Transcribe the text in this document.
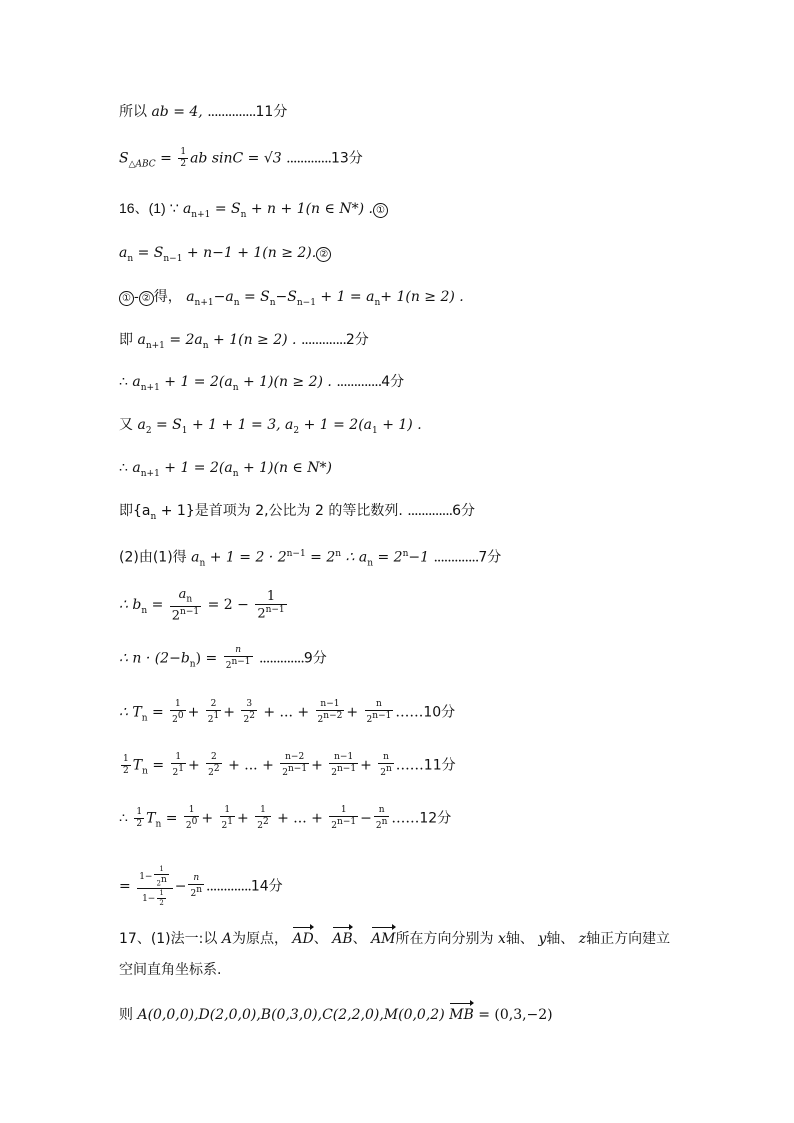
所以 ab = 4, ..............11分
$S_{\triangle ABC} = \frac{1}{2}$ ab sinC = √3 .............13分
16、(1) ∵ $a_{n+1} = S_n + n + 1(n$ ∈ N*) . ①
$a_n = S_{n-1} + n-1 + 1(n \ge 2)$. ②
① - ② 得， $a_{n+1}-a_n = S_n-S_{n-1} + 1 = a_n+ 1(n \ge 2)$ .
即 $a_{n+1} = 2a_n + 1(n \ge 2)$ . .............2分
∴ $a_{n+1} + 1 = 2(a_n + 1)(n \ge 2)$ . .............4分
又 $a_2 = S_1 + 1 + 1 = 3$, $a_2 + 1 = 2(a_1 + 1)$ .
∴ $a_{n+1} + 1 = 2(a_n + 1)(n$ ∈ N*)
即$\{a_n + 1\}$是首项为 2,公比为 2 的等比数列. .............6分
(2)由(1)得 $a_n + 1 = 2 \cdot 2^{n-1} = 2^n$ ∴ $a_n = 2^n-1$ .............7分
∴ $b_n = \frac{a_n}{2^{n-1}} = 2 - \frac{1}{2^{n-1}}$
∴ $n \cdot (2-b_n) = \frac{n}{2^{n-1}} .............9$分
∴ $T_n = \frac{1}{2^0} + \frac{2}{2^1} + \frac{3}{2^2}$ + ... + $\frac{n-1}{2^{n-2}} + \frac{n}{2^{n-1}}$ ……10分
$\frac{1}{2} T_n = \frac{1}{2^1} + \frac{2}{2^2}$ + ... + $\frac{n-2}{2^{n-1}} + \frac{n-1}{2^{n-1}} + \frac{n}{2^n}$ ……11分
∴ $\frac{1}{2} T_n = \frac{1}{2^0} + \frac{1}{2^1} + \frac{1}{2^2}$ + ... + $\frac{1}{2^{n-1}} - \frac{n}{2^n}$ ……12分
= $\frac{1- \frac{1}{2^n}}{1- \frac{1}{2}} - \frac{n}{2^n} .............14$分
17、(1)法一:以 A为原点， AD、 AB、 AM所在方向分别为 x轴、 y轴、 z轴正方向建立
空间直角坐标系.
则 A(0,0,0),D(2,0,0),B(0,3,0),C(2,2,0),M(0,0,2) MB = (0,3,−2)
